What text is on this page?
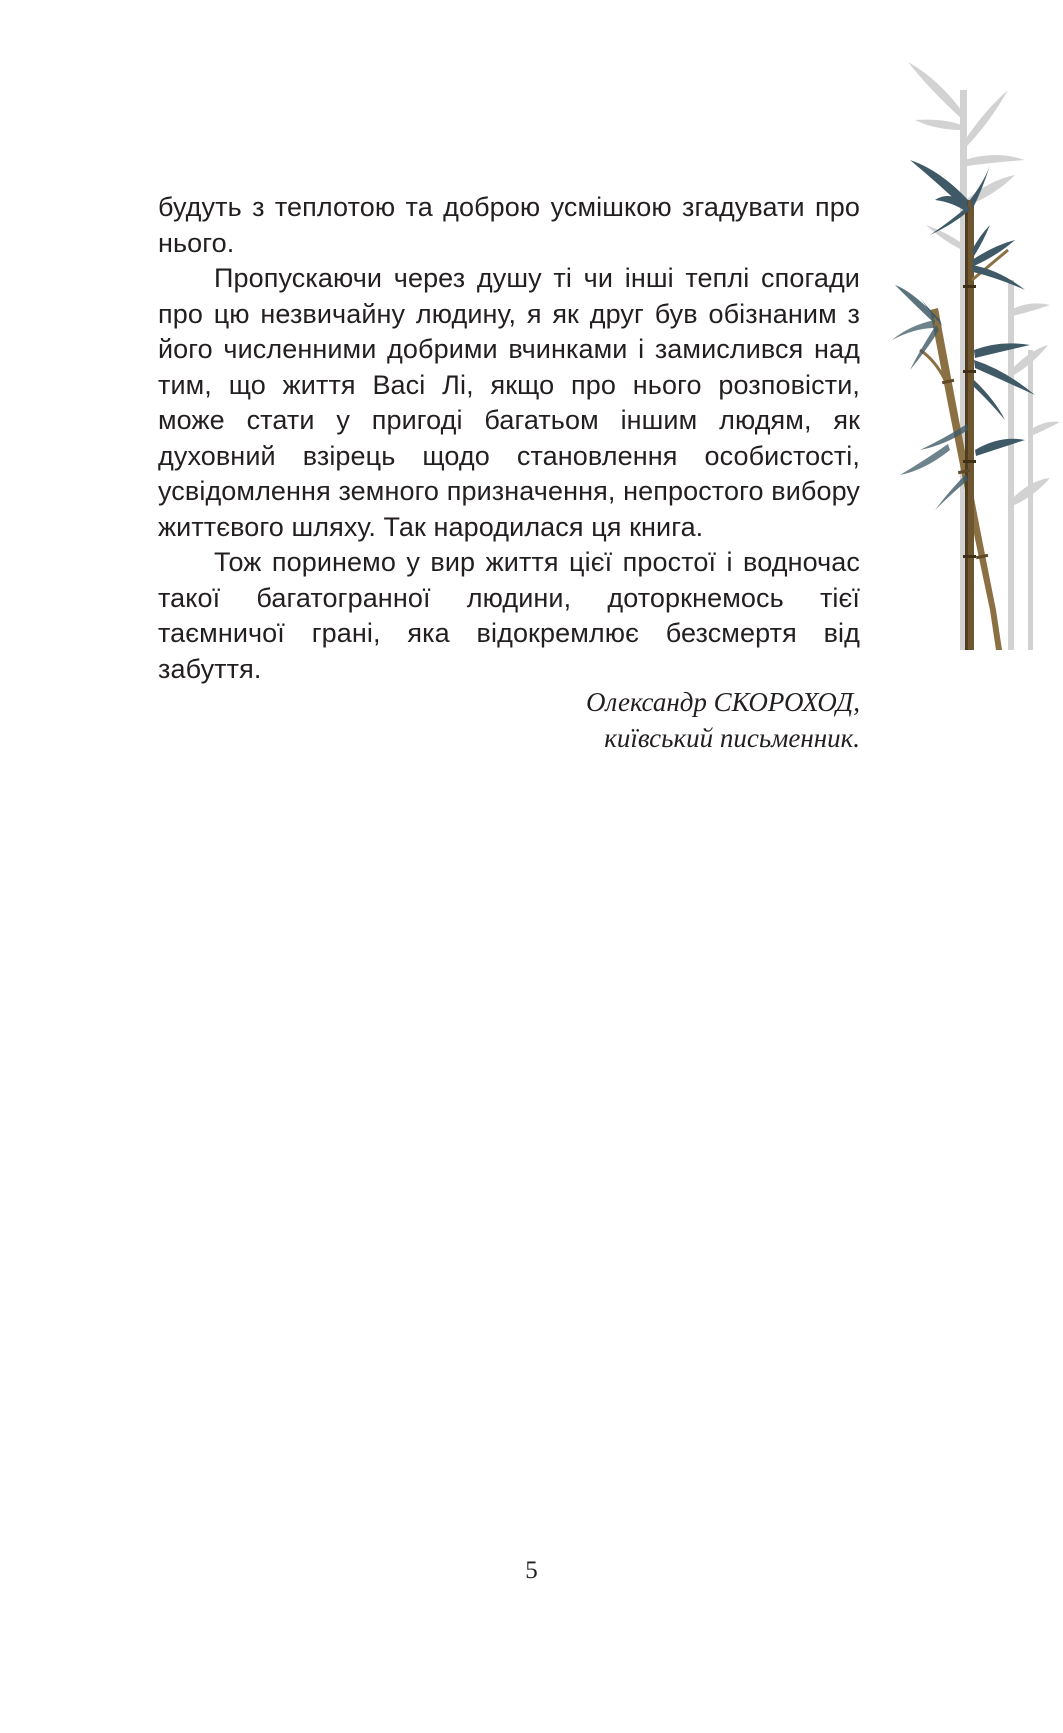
будуть з теплотою та доброю усмішкою згадувати про нього.

Пропускаючи через душу ті чи інші теплі спогади про цю незвичайну людину, я як друг був обізнаним з його численними добрими вчинками і замислився над тим, що життя Васі Лі, якщо про нього розповісти, може стати у пригоді багатьом іншим людям, як духовний взірець щодо становлення особистості, усвідомлення земного призначення, непростого вибору життєвого шляху. Так народилася ця книга.

Тож поринемо у вир життя цієї простої і водночас такої багатогранної людини, доторкнемось тієї таємничої грані, яка відокремлює безсмертя від забуття.

Олександр СКОРОХОД,
київський письменник.
5
